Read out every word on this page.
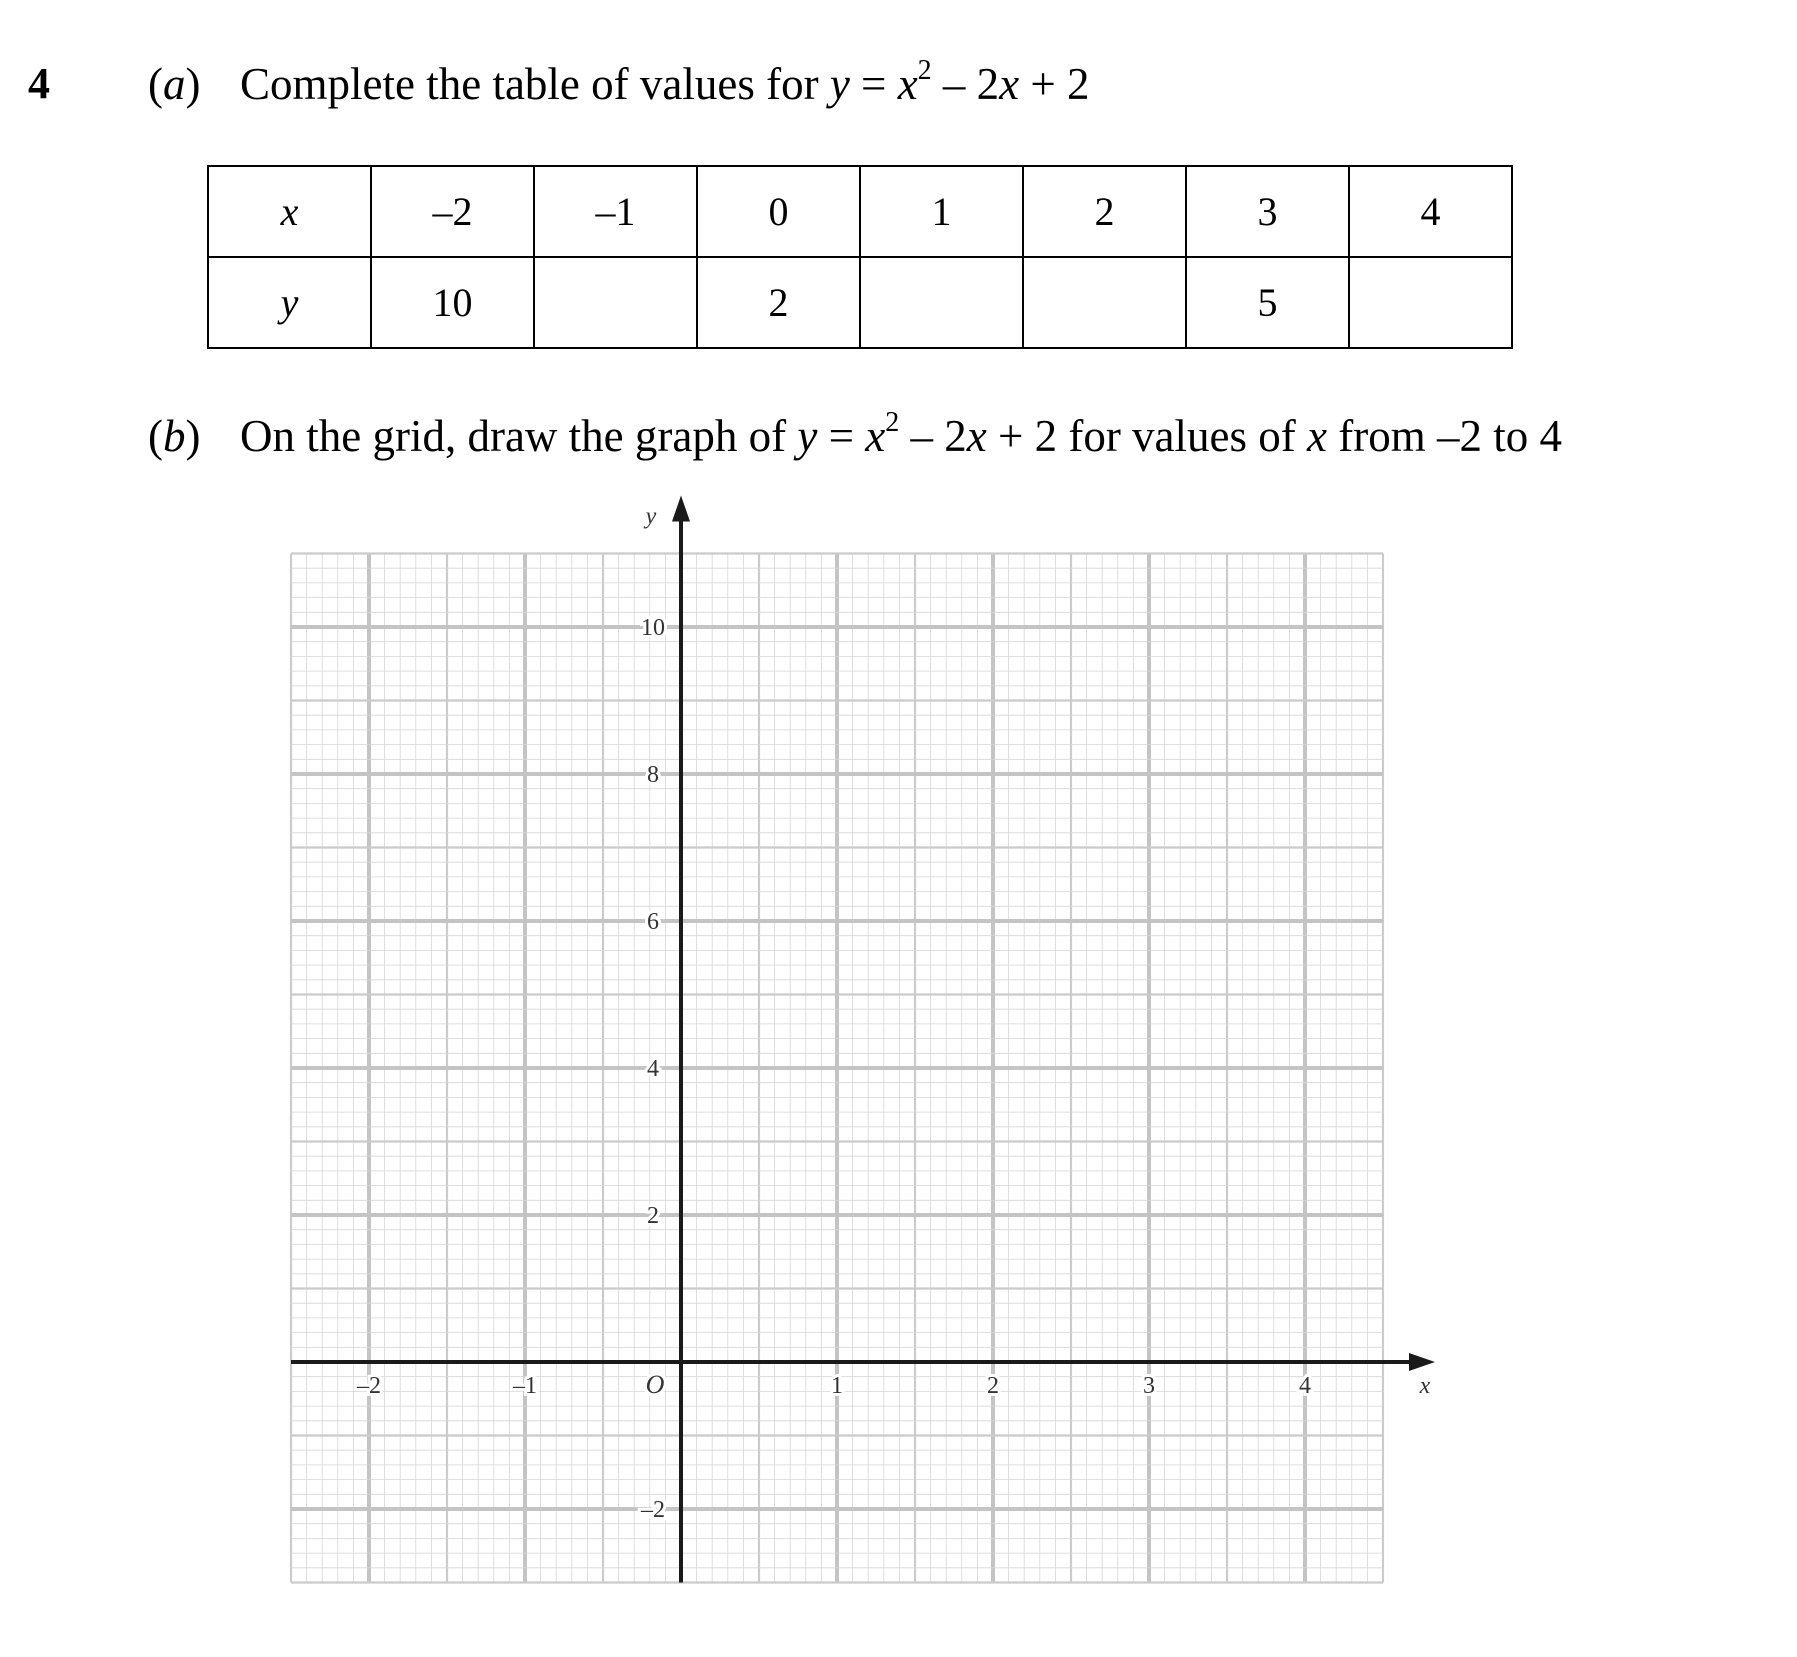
4 (a) Complete the table of values for $y = x^2 - 2x + 2$
x	–2	–1	0	1	2	3	4
y	10		2			5	
(b) On the grid, draw the graph of $y = x^2 - 2x + 2$ for values of x from –2 to 4
–2	–1	1	2	3	4
–2
2
4
6
8
10
O	x
y
